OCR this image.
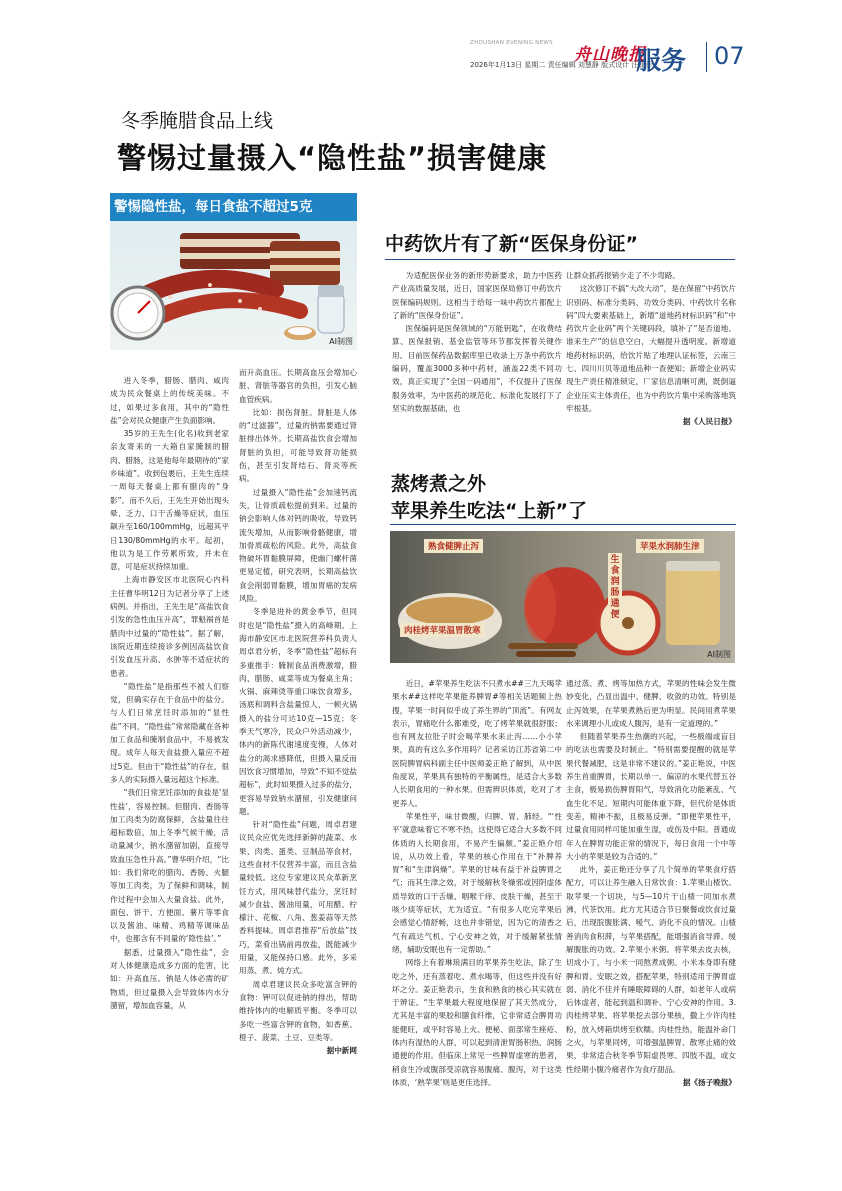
ZHOUSHAN EVENING NEWS
舟山晚报
2026年1月13日 星期二 责任编辑 刘慧静 版式设计 汪菲菲
服务 07
冬季腌腊食品上线
警惕过量摄入“隐性盐”损害健康
警惕隐性盐，每日食盐不超过5克
AI制图

进入冬季，腊肠、腊肉、咸肉成为民众餐桌上的传统美味。不过，如果过多食用，其中的“隐性盐”会对民众健康产生负面影响。

35岁的王先生(化名)收到老家亲友寄来的一大箱自家腌制的腊肉、腊肠，这是他每年最期待的“家乡味道”。收到包裹后，王先生连续一周每天餐桌上都有腊肉的“身影”。而不久后，王先生开始出现头晕、乏力、口干舌燥等症状，血压飙升至160/100mmHg，远超其平日130/80mmHg的水平。起初，他以为是工作劳累所致，并未在意，可是症状持续加重。

上海市静安区市北医院心内科主任曹华明12日为记者分享了上述病例。并指出，王先生是“高盐饮食引发的急性血压升高”，罪魁祸首是腊肉中过量的“隐性盐”。据了解，该院近期连续接诊多例因高盐饮食引发血压升高、水肿等不适症状的患者。

“隐性盐”是指那些不被人们察觉，但确实存在于食品中的盐分。与人们日常烹饪时添加的“显性盐”不同，“隐性盐”常常隐藏在各种加工食品和腌制食品中，不易被发现。成年人每天食盐摄入量应不超过5克。但由于“隐性盐”的存在，很多人的实际摄入量远超这个标准。

“我们日常烹饪添加的食盐是‘显性盐’，容易控制。但腊肉、香肠等加工肉类为防腐保鲜，含盐量往往超标数倍，加上冬季气候干燥，活动量减少，钠水潴留加剧，直接导致血压急性升高。”曹华明介绍，“比如：我们常吃的腊肉、香肠、火腿等加工肉类，为了保鲜和调味，制作过程中会加入大量食盐。此外，面包、饼干、方便面、薯片等零食以及酱油、味精、鸡精等调味品中，也都含有不同量的‘隐性盐’。”

据悉，过量摄入“隐性盐”，会对人体健康造成多方面的危害，比如：升高血压。钠是人体必需的矿物质，但过量摄入会导致体内水分潴留，增加血容量，从

而升高血压。长期高血压会增加心脏、肾脏等器官的负担，引发心脑血管疾病。

比如：损伤肾脏。肾脏是人体的“过滤器”，过量的钠需要通过肾脏排出体外。长期高盐饮食会增加肾脏的负担，可能导致肾功能损伤，甚至引发肾结石、肾炎等疾病。

过量摄入“隐性盐”会加速钙流失，让骨质疏松提前到来。过量的钠会影响人体对钙的吸收，导致钙流失增加，从而影响骨骼健康，增加骨质疏松的风险。此外，高盐食物破坏胃黏膜屏障，使幽门螺杆菌更易定植，研究表明，长期高盐饮食会削弱胃黏膜，增加胃癌的发病风险。

冬季是进补的黄金季节，但同时也是“隐性盐”摄入的高峰期。上海市静安区市北医院营养科负责人周卓君分析，冬季“隐性盐”超标有多重推手：腌制食品消费激增，腊肉、腊肠、咸菜等成为餐桌主角；火锅、麻辣烫等重口味饮食增多，汤底和调料含盐量惊人，一顿火锅摄入的盐分可达10克—15克；冬季天气寒冷，民众户外活动减少，体内的新陈代谢速度变慢，人体对盐分的渴求感降低，但摄入量反而因饮食习惯增加，导致“不知不觉盐超标”，此时如果摄入过多的盐分，更容易导致钠水潴留，引发健康问题。

针对“隐性盐”问题，周卓君建议民众应优先选择新鲜的蔬菜、水果、肉类、蛋类、豆制品等食材，这些食材不仅营养丰富，而且含盐量较低。这位专家建议民众革新烹饪方式，用风味替代盐分，烹饪时减少食盐、酱油用量，可用醋、柠檬汁、花椒、八角、葱姜蒜等天然香料提味。周卓君推荐“后放盐”技巧，菜肴出锅前再放盐，既能减少用量，又能保持口感。此外，多采用蒸、煮、炖方式。

周卓君建议民众多吃富含钾的食物：钾可以促进钠的排出，帮助维持体内的电解质平衡。冬季可以多吃一些富含钾的食物，如香蕉、橙子、菠菜、土豆、豆类等。

据中新网
中药饮片有了新“医保身份证”

为适配医保业务的新形势新要求，助力中医药产业高质量发展，近日，国家医保局修订中药饮片医保编码规则。这相当于给每一味中药饮片都配上了新的“医保身份证”。

医保编码是医保领域的“万能钥匙”，在收费结算、医保报销、基金监管等环节都发挥着关键作用。目前医保药品数据库里已收录上万条中药饮片编码，覆盖3000多种中药材，涵盖22类不同功效，真正实现了“全国一码通用”，不仅提升了医保服务效率，为中医药的规范化、标准化发展打下了坚实的数据基础，也

让群众抓药报销少走了不少弯路。

这次修订不搞“大改大动”，是在保留“中药饮片识别码、标准分类码、功效分类码、中药饮片名称码”四大要素基础上，新增“道地药材标识码”和“中药饮片企业码”两个关键码段，填补了“是否道地、谁来生产”的信息空白，大幅提升透明度。新增道地药材标识码，给饮片贴了地理认证标签，云南三七、四川川贝等道地品种一查便知；新增企业码实现生产责任精准锁定，厂家信息清晰可溯，既倒逼企业压实主体责任，也为中药饮片集中采购落地筑牢根基。

据《人民日报》
蒸烤煮之外
苹果养生吃法“上新”了
熟食健脾止泻	苹果水润肺生津
肉桂烤苹果温胃散寒
生食润肠通便
AI制图

近日，#苹果养生吃法不只煮水##三九天喝苹果水##这样吃苹果能养脾胃#等相关话题频上热搜，苹果一时间似乎成了养生界的“顶流”。有网友表示，胃痛吃什么都难受，吃了烤苹果就很舒服；也有网友拉肚子时会喝苹果水来止泻……小小苹果，真的有这么多作用吗？记者采访江苏省第二中医院脾胃病科副主任中医师姜正艳了解到，从中医角度说，苹果具有独特的平衡属性，是适合大多数人长期食用的一种水果。但需辨识体质，吃对了才更养人。

苹果性平，味甘微酸，归脾、胃、肺经。“‘性平’就意味着它不寒不热，这使得它适合大多数不同体质的人长期食用，不易产生偏颇。”姜正艳介绍说，从功效上看，苹果的核心作用在于“补脾养胃”和“生津润燥”。苹果的甘味有益于补益脾胃之气；而其生津之效，对于缓解秋冬燥邪或因阴虚体质导致的口干舌燥、咽喉干痒、皮肤干燥，甚至干咳少痰等症状，尤为适宜。“有很多人吃完苹果后会感觉心情舒畅，这也并非错觉，因为它的清香之气有疏达气机、宁心安神之效，对于缓解紧张情绪，辅助安眠也有一定帮助。”

网络上有着琳琅满目的苹果养生吃法，除了生吃之外，还有蒸着吃、煮水喝等，但这些并没有好坏之分。姜正艳表示，生食和熟食的核心其实就在于辨证。“生苹果最大程度地保留了其天然成分，尤其是丰富的果胶和膳食纤维，它非常适合脾胃功能健旺，或平时容易上火、便秘、面部常生痤疮、体内有湿热的人群，可以起到清泄胃肠积热、润肠通便的作用。但临床上常见一些脾胃虚寒的患者，稍食生冷或腹部受凉就容易腹痛、腹泻，对于这类体质，‘熟苹果’则是更佳选择。

通过蒸、煮、烤等加热方式，苹果的性味会发生微妙变化，凸显出温中、健脾、收敛的功效。特别是止泻效果，在苹果煮熟后更为明显。民间用煮苹果水来调理小儿或成人腹泻，是有一定道理的。”

但随着苹果养生热潮的兴起，一些极端或盲目的吃法也需要及时制止。“特别需要提醒的就是苹果代餐减肥，这是非常不建议的。”姜正艳说，中医养生首重脾胃，长期以单一、偏凉的水果代替五谷主食，极易损伤脾胃阳气，导致消化功能紊乱、气血生化不足。短期内可能体重下降，但代价是体质变差，精神不振，且极易反弹。“即便苹果性平，过量食用同样可能加重生湿，或伤及中阳。普通成年人在脾胃功能正常的情况下，每日食用一个中等大小的苹果是较为合适的。”

此外，姜正艳还分享了几个简单的苹果食疗搭配方，可以让养生融入日常饮食：1.苹果山楂饮。取苹果一个切块，与5—10片干山楂一同加水煮沸，代茶饮用。此方尤其适合节日聚餐或饮食过量后，出现脘腹胀满、嗳气、消化不良的情况。山楂善消肉食积滞，与苹果搭配，能增强消食导滞、缓解腹胀的功效。2.苹果小米粥。将苹果去皮去核，切成小丁，与小米一同熬煮成粥。小米本身即有健脾和胃、安眠之效，搭配苹果，特别适用于脾胃虚弱、消化不佳并有睡眠障碍的人群，如老年人或病后体虚者，能起到温和调补、宁心安神的作用。3.肉桂烤苹果。将苹果挖去部分果核，撒上少许肉桂粉，放入烤箱烘烤至软糯。肉桂性热，能温补命门之火，与苹果同烤，可增强温脾胃、散寒止痛的效果，非常适合秋冬季节阳虚畏寒、四肢不温，或女性经期小腹冷痛者作为食疗甜品。

据《扬子晚报》
